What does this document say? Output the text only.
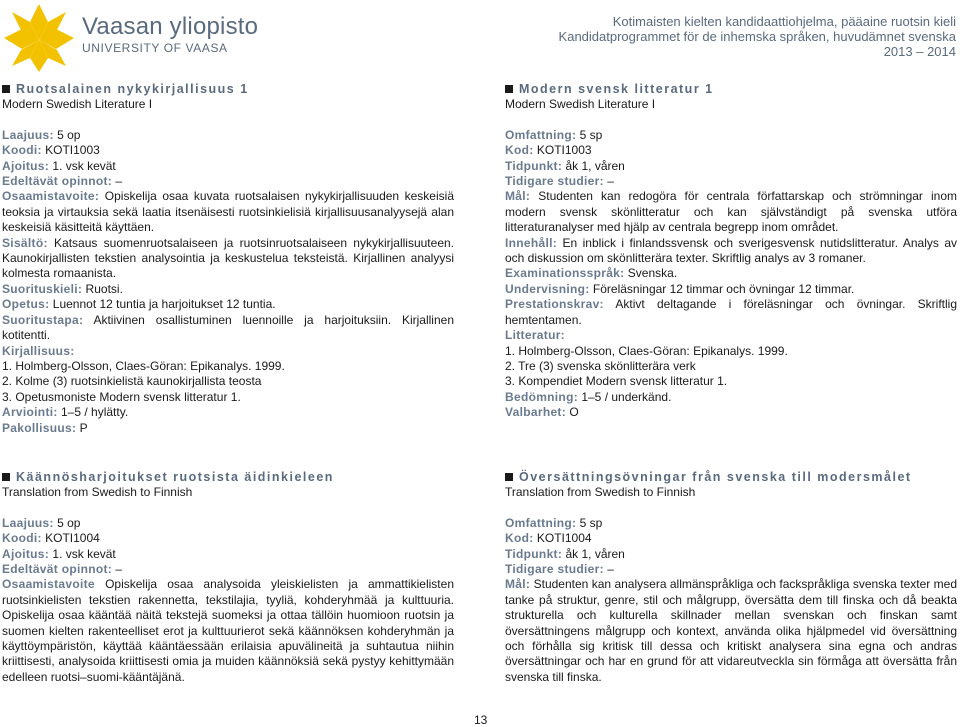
Vaasan yliopisto
UNIVERSITY OF VAASA
Kotimaisten kielten kandidaattiohjelma, pääaine ruotsin kieli
Kandidatprogrammet för de inhemska språken, huvudämnet svenska
2013 – 2014

Ruotsalainen nykykirjallisuus 1

Modern Swedish Literature I

Laajuus: 5 op

Koodi: KOTI1003

Ajoitus: 1. vsk kevät

Edeltävät opinnot: –

Osaamistavoite: Opiskelija osaa kuvata ruotsalaisen nykykirjallisuuden keskeisiä teoksia ja virtauksia sekä laatia itsenäisesti ruotsinkielisiä kirjallisuusanalyysejä alan keskeisiä käsitteitä käyttäen.

Sisältö: Katsaus suomenruotsalaiseen ja ruotsinruotsalaiseen nykykirjallisuuteen. Kaunokirjallisten tekstien analysointia ja keskustelua teksteistä. Kirjallinen analyysi kolmesta romaanista.

Suorituskieli: Ruotsi.

Opetus: Luennot 12 tuntia ja harjoitukset 12 tuntia.

Suoritustapa: Aktiivinen osallistuminen luennoille ja harjoituksiin. Kirjallinen kotitentti.

Kirjallisuus:

1. Holmberg-Olsson, Claes-Göran: Epikanalys. 1999.

2. Kolme (3) ruotsinkielistä kaunokirjallista teosta

3. Opetusmoniste Modern svensk litteratur 1.

Arviointi: 1–5 / hylätty.

Pakollisuus: P

Modern svensk litteratur 1

Modern Swedish Literature I

Omfattning: 5 sp

Kod: KOTI1003

Tidpunkt: åk 1, våren

Tidigare studier: –

Mål: Studenten kan redogöra för centrala författarskap och strömningar inom modern svensk skönlitteratur och kan självständigt på svenska utföra litteraturanalyser med hjälp av centrala begrepp inom området.

Innehåll: En inblick i finlandssvensk och sverigesvensk nutidslitteratur. Analys av och diskussion om skönlitterära texter. Skriftlig analys av 3 romaner.

Examinationsspråk: Svenska.

Undervisning: Föreläsningar 12 timmar och övningar 12 timmar.

Prestationskrav: Aktivt deltagande i föreläsningar och övningar. Skriftlig hemtentamen.

Litteratur:

1. Holmberg-Olsson, Claes-Göran: Epikanalys. 1999.

2. Tre (3) svenska skönlitterära verk

3. Kompendiet Modern svensk litteratur 1.

Bedömning: 1–5 / underkänd.

Valbarhet: O

Käännösharjoitukset ruotsista äidinkieleen

Translation from Swedish to Finnish

Laajuus: 5 op

Koodi: KOTI1004

Ajoitus: 1. vsk kevät

Edeltävät opinnot: –

Osaamistavoite Opiskelija osaa analysoida yleiskielisten ja ammattikielisten ruotsinkielisten tekstien rakennetta, tekstilajia, tyyliä, kohderyhmää ja kulttuuria. Opiskelija osaa kääntää näitä tekstejä suomeksi ja ottaa tällöin huomioon ruotsin ja suomen kielten rakenteelliset erot ja kulttuurierot sekä käännöksen kohderyhmän ja käyttöympäristön, käyttää kääntäessään erilaisia apuvälineitä ja suhtautua niihin kriittisesti, analysoida kriittisesti omia ja muiden käännöksiä sekä pystyy kehittymään edelleen ruotsi–suomi-kääntäjänä.

Översättningsövningar från svenska till modersmålet

Translation from Swedish to Finnish

Omfattning: 5 sp

Kod: KOTI1004

Tidpunkt: åk 1, våren

Tidigare studier: –

Mål: Studenten kan analysera allmänspråkliga och fackspråkliga svenska texter med tanke på struktur, genre, stil och målgrupp, översätta dem till finska och då beakta strukturella och kulturella skillnader mellan svenskan och finskan samt översättningens målgrupp och kontext, använda olika hjälpmedel vid översättning och förhålla sig kritisk till dessa och kritiskt analysera sina egna och andras översättningar och har en grund för att vidareutveckla sin förmåga att översätta från svenska till finska.

13
